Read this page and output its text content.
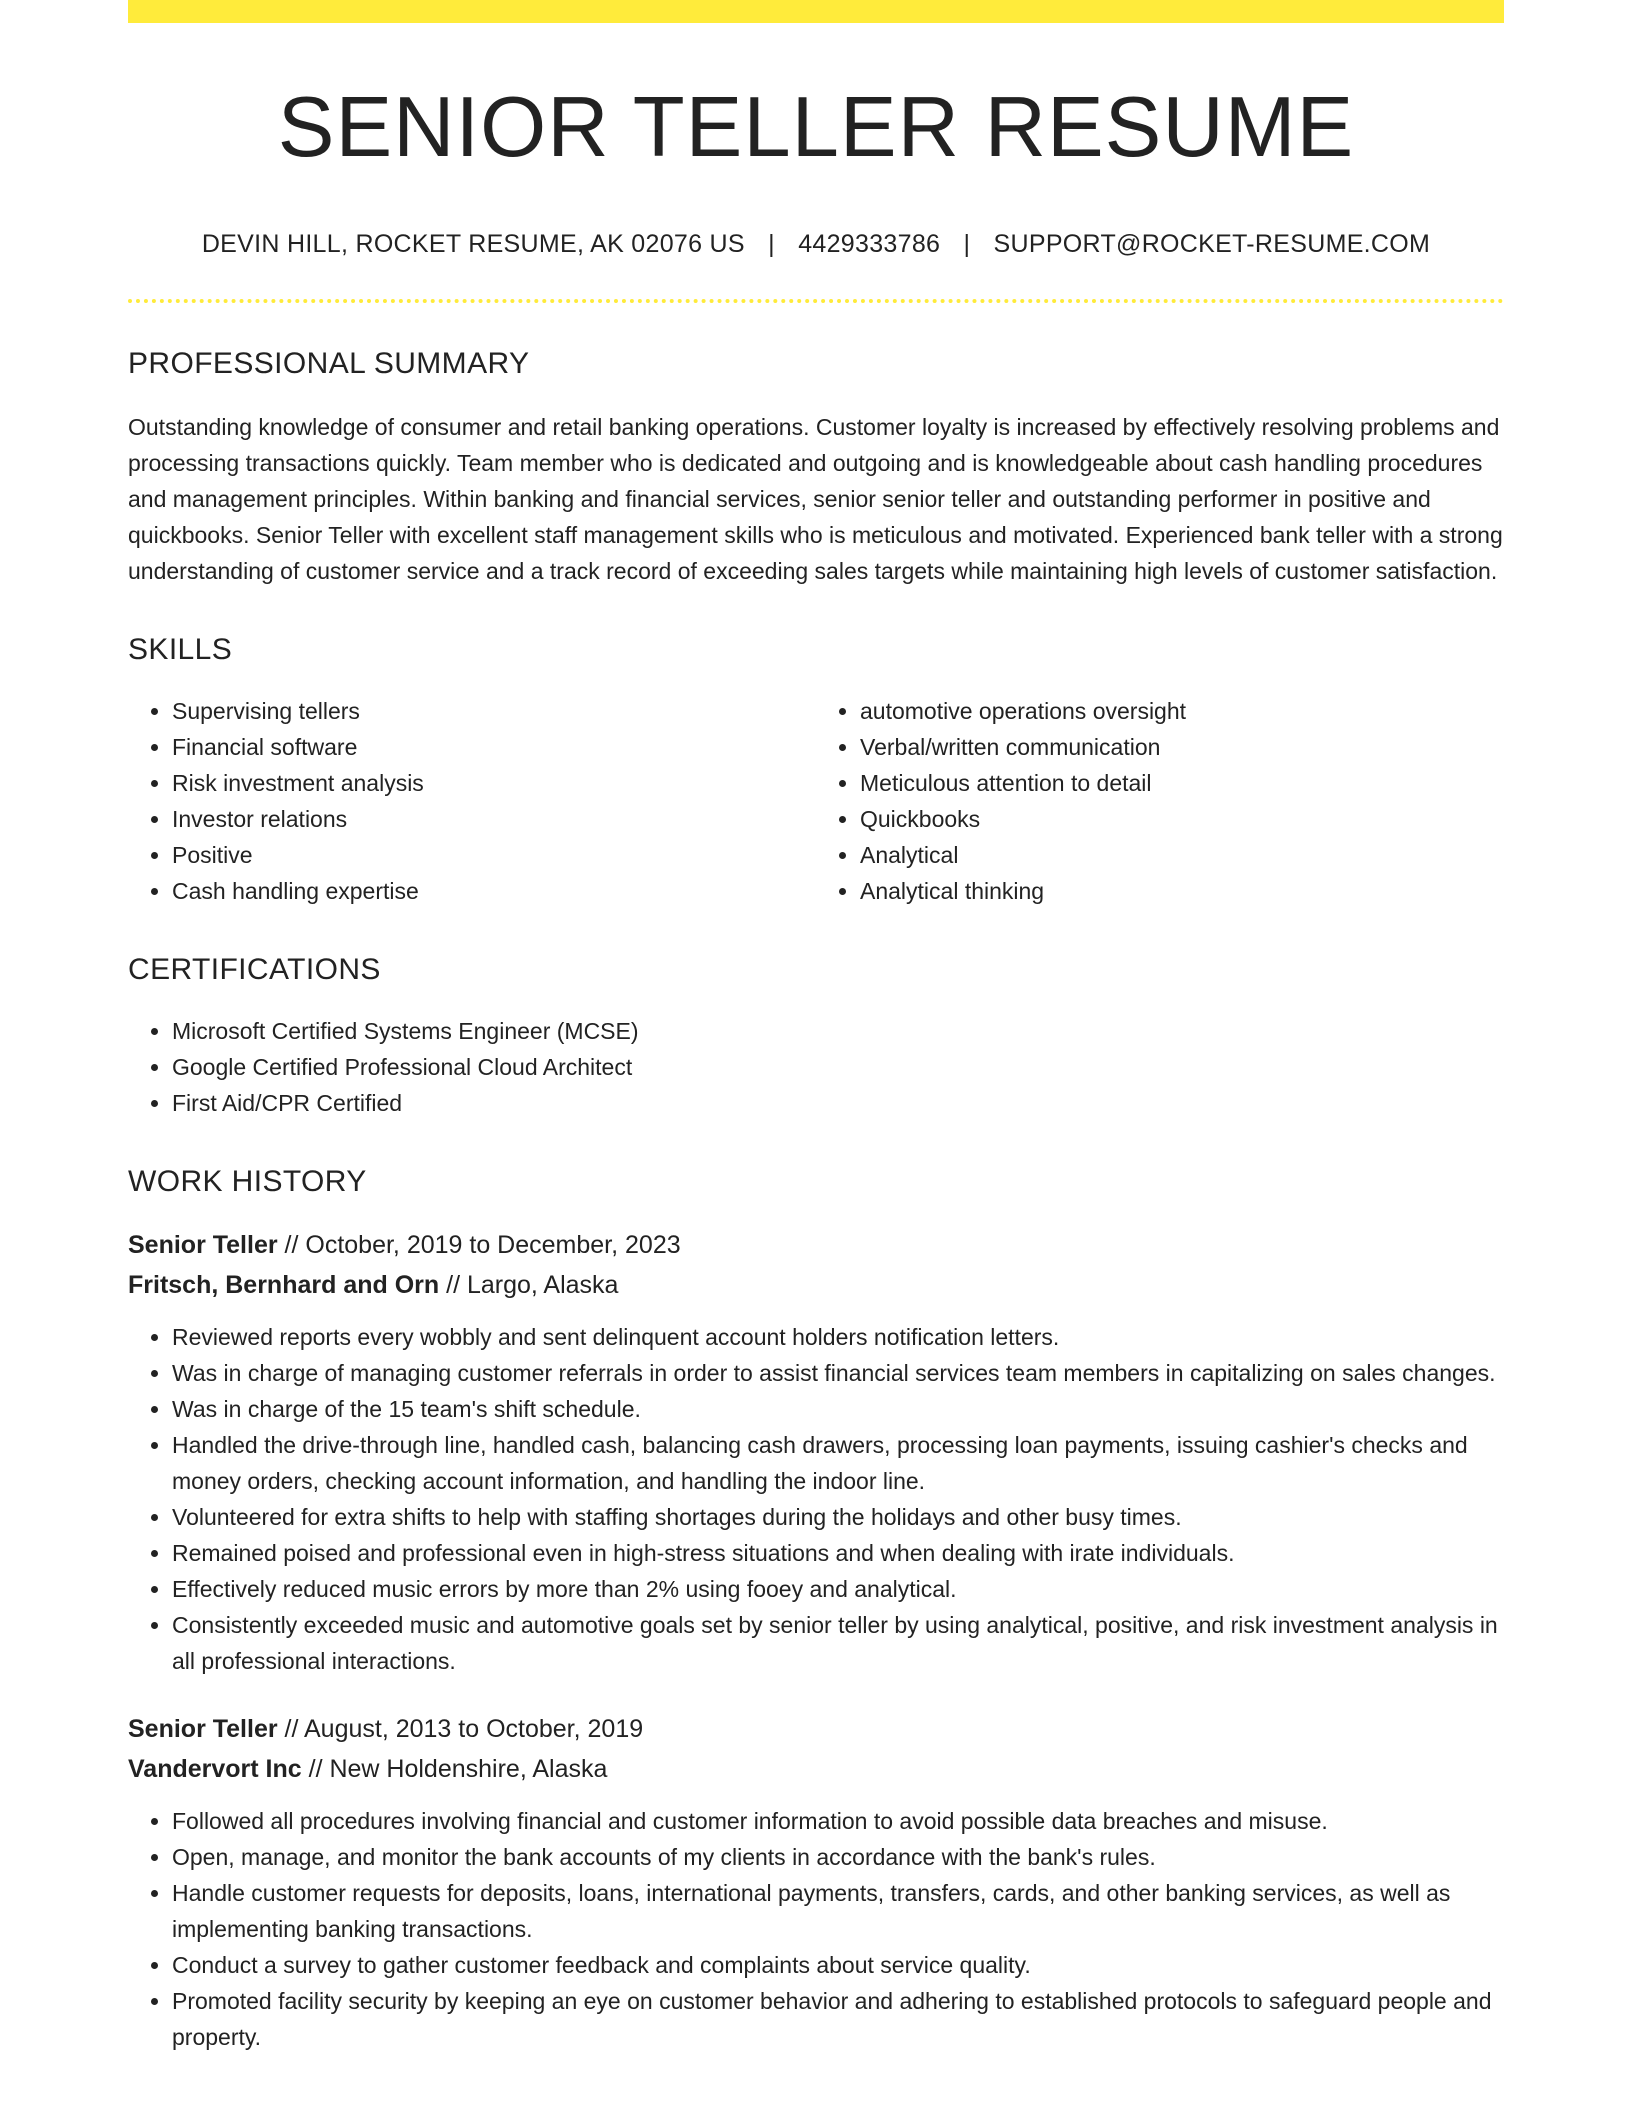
SENIOR TELLER RESUME
DEVIN HILL, ROCKET RESUME, AK 02076 US | 4429333786 | SUPPORT@ROCKET-RESUME.COM
PROFESSIONAL SUMMARY

Outstanding knowledge of consumer and retail banking operations. Customer loyalty is increased by effectively resolving problems and processing transactions quickly. Team member who is dedicated and outgoing and is knowledgeable about cash handling procedures and management principles. Within banking and financial services, senior senior teller and outstanding performer in positive and quickbooks. Senior Teller with excellent staff management skills who is meticulous and motivated. Experienced bank teller with a strong understanding of customer service and a track record of exceeding sales targets while maintaining high levels of customer satisfaction.

SKILLS
• Supervising tellers
• Financial software
• Risk investment analysis
• Investor relations
• Positive
• Cash handling expertise
• automotive operations oversight
• Verbal/written communication
• Meticulous attention to detail
• Quickbooks
• Analytical
• Analytical thinking
CERTIFICATIONS
• Microsoft Certified Systems Engineer (MCSE)
• Google Certified Professional Cloud Architect
• First Aid/CPR Certified
WORK HISTORY
Senior Teller // October, 2019 to December, 2023
Fritsch, Bernhard and Orn // Largo, Alaska
• Reviewed reports every wobbly and sent delinquent account holders notification letters.
• Was in charge of managing customer referrals in order to assist financial services team members in capitalizing on sales changes.
• Was in charge of the 15 team's shift schedule.
• Handled the drive-through line, handled cash, balancing cash drawers, processing loan payments, issuing cashier's checks and money orders, checking account information, and handling the indoor line.
• Volunteered for extra shifts to help with staffing shortages during the holidays and other busy times.
• Remained poised and professional even in high-stress situations and when dealing with irate individuals.
• Effectively reduced music errors by more than 2% using fooey and analytical.
• Consistently exceeded music and automotive goals set by senior teller by using analytical, positive, and risk investment analysis in all professional interactions.
Senior Teller // August, 2013 to October, 2019
Vandervort Inc // New Holdenshire, Alaska
• Followed all procedures involving financial and customer information to avoid possible data breaches and misuse.
• Open, manage, and monitor the bank accounts of my clients in accordance with the bank's rules.
• Handle customer requests for deposits, loans, international payments, transfers, cards, and other banking services, as well as implementing banking transactions.
• Conduct a survey to gather customer feedback and complaints about service quality.
• Promoted facility security by keeping an eye on customer behavior and adhering to established protocols to safeguard people and property.
